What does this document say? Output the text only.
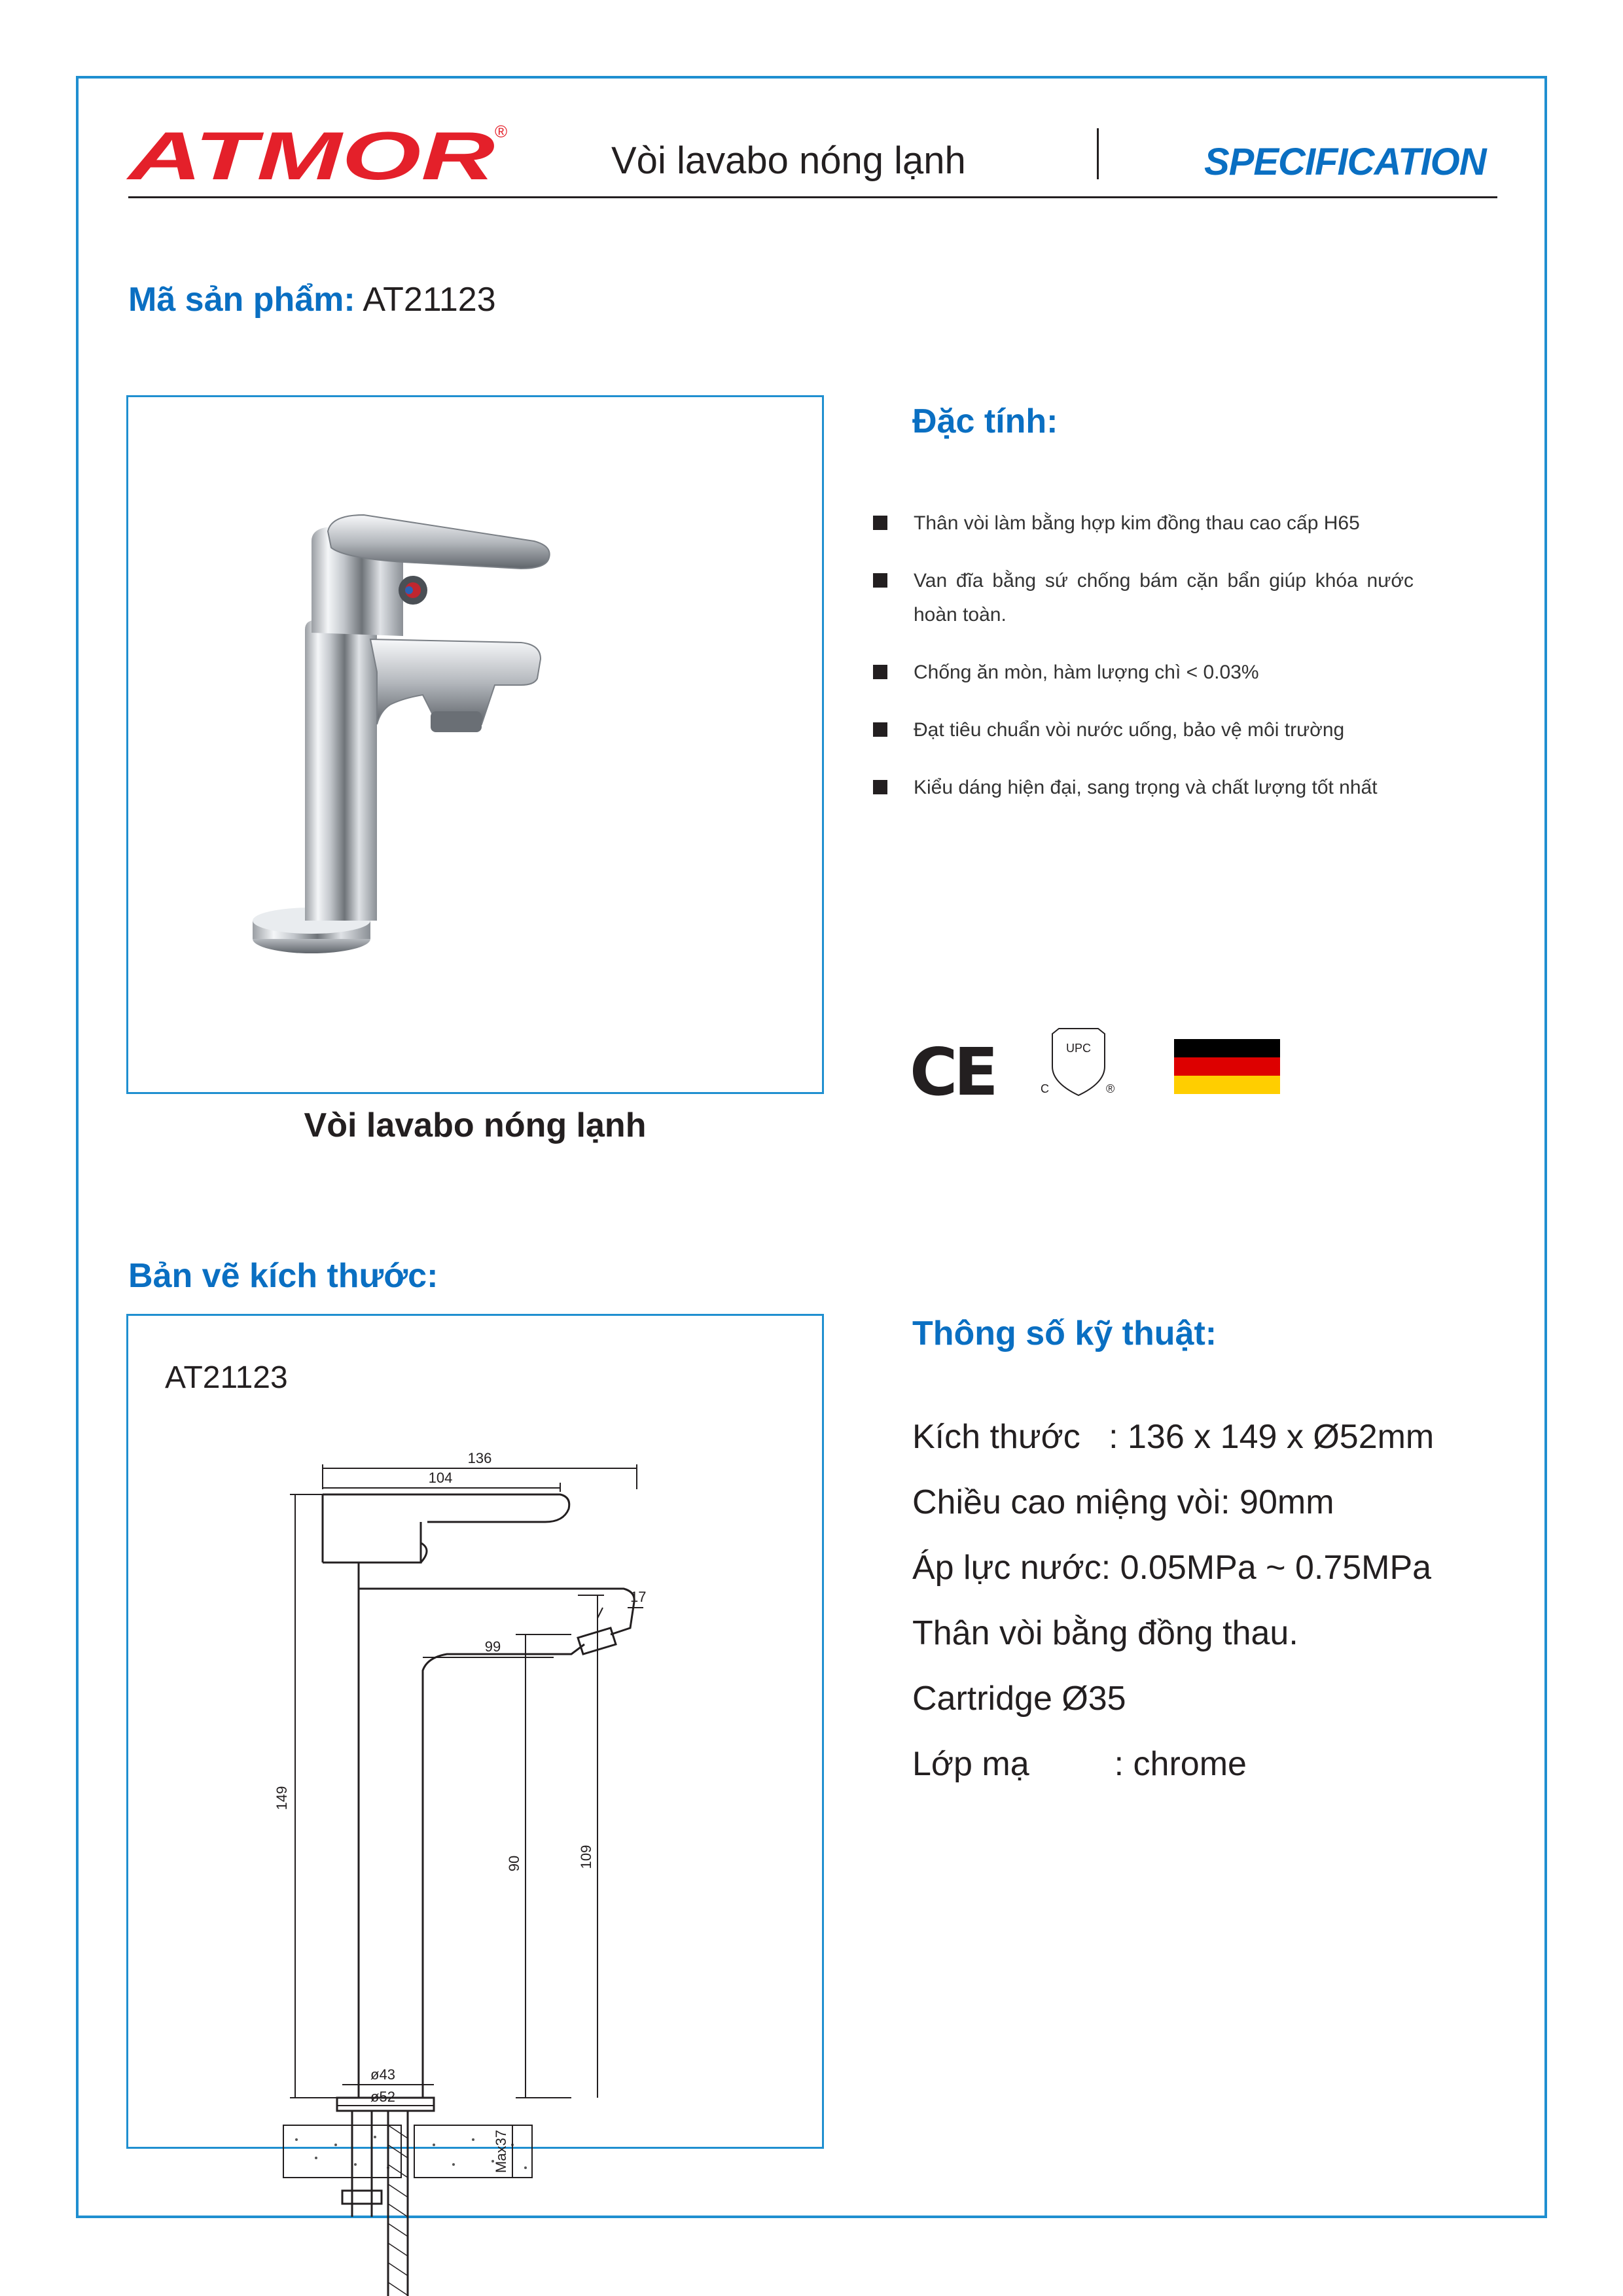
ATMOR ®
Vòi lavabo nóng lạnh	SPECIFICATION
Mã sản phẩm: AT21123
Vòi lavabo nóng lạnh
Đặc tính:
Thân vòi làm bằng hợp kim đồng thau cao cấp H65
Van đĩa bằng sứ chống bám cặn bẩn giúp khóa nước hoàn toàn.
Chống ăn mòn, hàm lượng chì < 0.03%
Đạt tiêu chuẩn vòi nước uống, bảo vệ môi trường
Kiểu dáng hiện đại, sang trọng và chất lượng tốt nhất
CE	UPC
C	®
Bản vẽ kích thước:
AT21123
136
104
149
17
99
90	109
ø43
ø52
Max37
Thông số kỹ thuật:
Kích thước   : 136 x 149 x Ø52mm
Chiều cao miệng vòi: 90mm
Áp lực nước: 0.05MPa ~ 0.75MPa
Thân vòi bằng đồng thau.
Cartridge Ø35
Lớp mạ         : chrome
